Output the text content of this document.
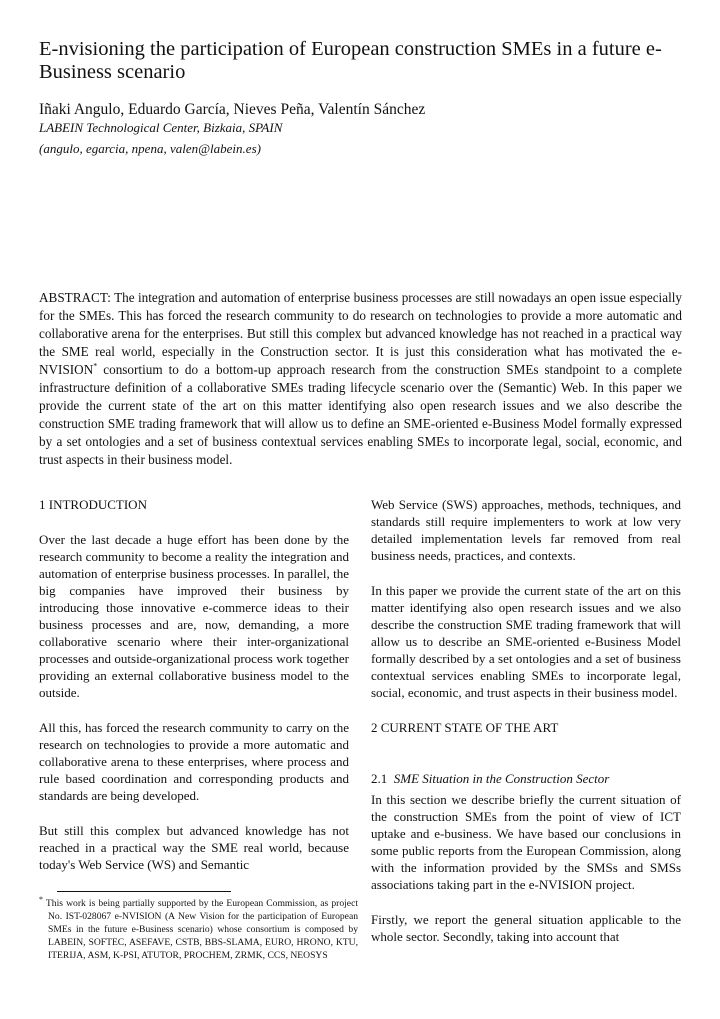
E-nvisioning the participation of European construction SMEs in a future e-Business scenario

Iñaki Angulo, Eduardo García, Nieves Peña, Valentín Sánchez

LABEIN Technological Center, Bizkaia, SPAIN

(angulo, egarcia, npena, valen@labein.es)

ABSTRACT: The integration and automation of enterprise business processes are still nowadays an open issue especially for the SMEs. This has forced the research community to do research on technologies to provide a more automatic and collaborative arena for the enterprises. But still this complex but advanced knowledge has not reached in a practical way the SME real world, especially in the Construction sector. It is just this consideration what has motivated the e-NVISION* consortium to do a bottom-up approach research from the construction SMEs standpoint to a complete infrastructure definition of a collaborative SMEs trading lifecycle scenario over the (Semantic) Web. In this paper we provide the current state of the art on this matter identifying also open research issues and we also describe the construction SME trading framework that will allow us to define an SME-oriented e-Business Model formally expressed by a set ontologies and a set of business contextual services enabling SMEs to incorporate legal, social, economic, and trust aspects in their business model.

1 INTRODUCTION

Over the last decade a huge effort has been done by the research community to become a reality the integration and automation of enterprise business processes. In parallel, the big companies have improved their business by introducing those innovative e-commerce ideas to their business processes and are, now, demanding, a more collaborative scenario where their inter-organizational processes and outside-organizational process work together providing an external collaborative business model to the outside.

All this, has forced the research community to carry on the research on technologies to provide a more automatic and collaborative arena to these enterprises, where process and rule based coordination and corresponding products and standards are being developed.

But still this complex but advanced knowledge has not reached in a practical way the SME real world, because today's Web Service (WS) and Semantic

Web Service (SWS) approaches, methods, techniques, and standards still require implementers to work at low very detailed implementation levels far removed from real business needs, practices, and contexts.

In this paper we provide the current state of the art on this matter identifying also open research issues and we also describe the construction SME trading framework that will allow us to describe an SME-oriented e-Business Model formally described by a set ontologies and a set of business contextual services enabling SMEs to incorporate legal, social, economic, and trust aspects in their business model.

2 CURRENT STATE OF THE ART

2.1 SME Situation in the Construction Sector

In this section we describe briefly the current situation of the construction SMEs from the point of view of ICT uptake and e-business. We have based our conclusions in some public reports from the European Commission, along with the information provided by the SMSs and SMSs associations taking part in the e-NVISION project.

Firstly, we report the general situation applicable to the whole sector. Secondly, taking into account that

* This work is being partially supported by the European Commission, as project No. IST-028067 e-NVISION (A New Vision for the participation of European SMEs in the future e-Business scenario) whose consortium is composed by LABEIN, SOFTEC, ASEFAVE, CSTB, BBS-SLAMA, EURO, HRONO, KTU, ITERIJA, ASM, K-PSI, ATUTOR, PROCHEM, ZRMK, CCS, NEOSYS
